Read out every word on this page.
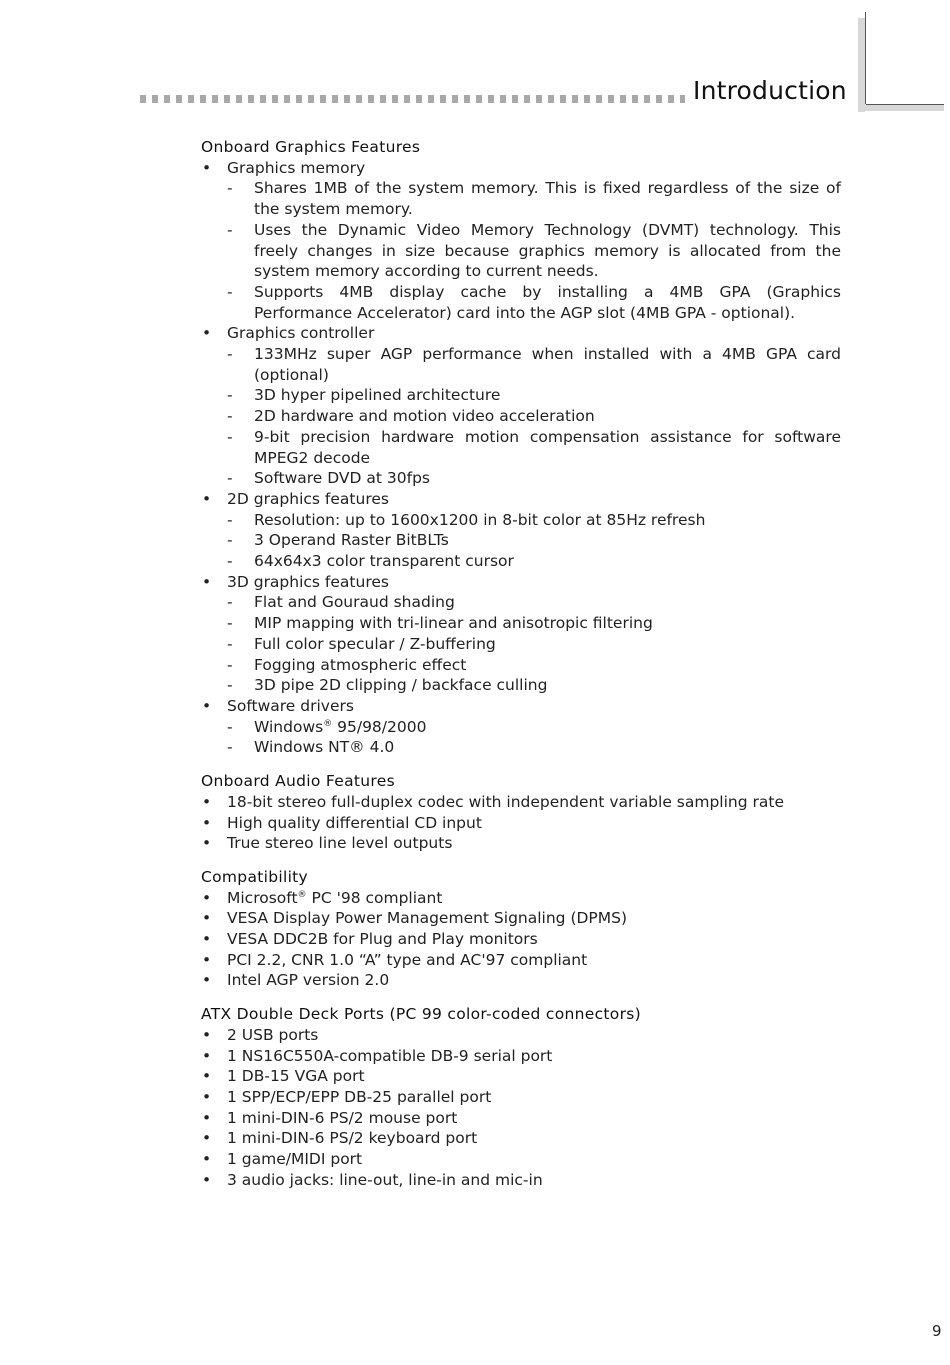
Introduction
Onboard Graphics Features
• Graphics memory
- Shares 1MB of the system memory. This is fixed regardless of the size of the system memory.
- Uses the Dynamic Video Memory Technology (DVMT) technology. This freely changes in size because graphics memory is allocated from the system memory according to current needs.
- Supports 4MB display cache by installing a 4MB GPA (Graphics Performance Accelerator) card into the AGP slot (4MB GPA - optional).
• Graphics controller
- 133MHz super AGP performance when installed with a 4MB GPA card (optional)
- 3D hyper pipelined architecture
- 2D hardware and motion video acceleration
- 9-bit precision hardware motion compensation assistance for software MPEG2 decode
- Software DVD at 30fps
• 2D graphics features
- Resolution: up to 1600x1200 in 8-bit color at 85Hz refresh
- 3 Operand Raster BitBLTs
- 64x64x3 color transparent cursor
• 3D graphics features
- Flat and Gouraud shading
- MIP mapping with tri-linear and anisotropic filtering
- Full color specular / Z-buffering
- Fogging atmospheric effect
- 3D pipe 2D clipping / backface culling
• Software drivers
- Windows® 95/98/2000
- Windows NT® 4.0
Onboard Audio Features
• 18-bit stereo full-duplex codec with independent variable sampling rate
• High quality differential CD input
• True stereo line level outputs
Compatibility
• Microsoft® PC '98 compliant
• VESA Display Power Management Signaling (DPMS)
• VESA DDC2B for Plug and Play monitors
• PCI 2.2, CNR 1.0 “A” type and AC'97 compliant
• Intel AGP version 2.0
ATX Double Deck Ports (PC 99 color-coded connectors)
• 2 USB ports
• 1 NS16C550A-compatible DB-9 serial port
• 1 DB-15 VGA port
• 1 SPP/ECP/EPP DB-25 parallel port
• 1 mini-DIN-6 PS/2 mouse port
• 1 mini-DIN-6 PS/2 keyboard port
• 1 game/MIDI port
• 3 audio jacks: line-out, line-in and mic-in
9
